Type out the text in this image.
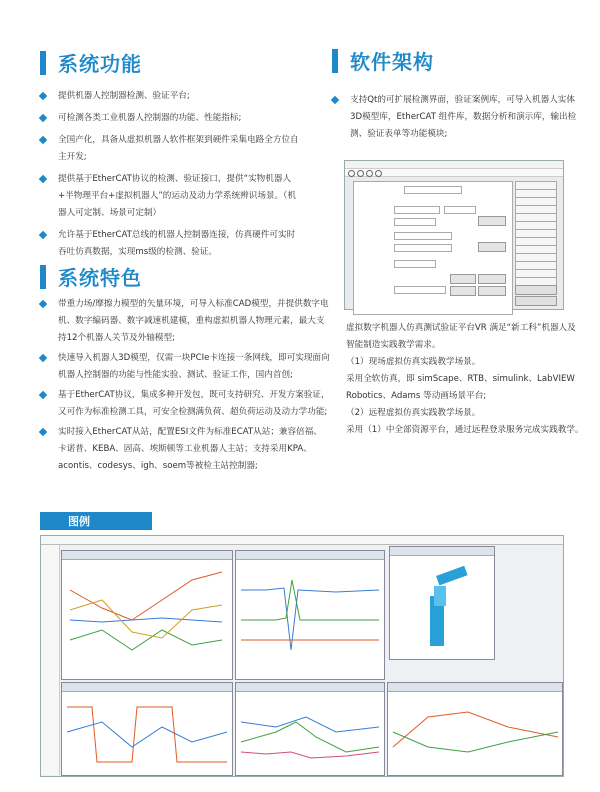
系统功能
提供机器人控制器检测、验证平台;
可检测各类工业机器人控制器的功能、性能指标;
全国产化，具备从虚拟机器人软件框架到硬件采集电路全方位自主开发;
提供基于EtherCAT协议的检测、验证接口，提供“实物机器人+半物理平台+虚拟机器人”的运动及动力学系统辨识场景。（机器人可定制、场景可定制）
允许基于EtherCAT总线的机器人控制器连接，仿真硬件可实时吞吐仿真数据，实现ms级的检测、验证。
系统特色
带重力场/摩擦力模型的矢量环境，可导入标准CAD模型，并提供数字电机、数字编码器、数字减速机建模，重构虚拟机器人物理元素，最大支持12个机器人关节及外轴模型;
快速导入机器人3D模型，仅需一块PCIe卡连接一条网线，即可实现面向机器人控制器的功能与性能实验、测试、验证工作，国内首创;
基于EtherCAT协议，集成多种开发包，既可支持研究、开发方案验证，又可作为标准检测工具，可安全检测满负荷、超负荷运动及动力学功能;
实时接入EtherCAT从站，配置ESI文件为标准ECAT从站；兼容倍福、卡诺普、KEBA、固高、埃斯顿等工业机器人主站；支持采用KPA、acontis、codesys、igh、soem等被检主站控制器;
软件架构
支持Qt的可扩展检测界面，验证案例库，可导入机器人实体3D模型库，EtherCAT 组件库，数据分析和演示库，输出检测、验证表单等功能模块;
虚拟数字机器人仿真测试验证平台VR 满足“新工科”机器人及智能制造实践教学需求。
（1）现场虚拟仿真实践教学场景。
采用全软仿真，即 simScape、RTB、simulink、LabVIEW Robotics、Adams 等动画场景平台;
（2）远程虚拟仿真实践教学场景。
采用（1）中全部资源平台，通过远程登录服务完成实践教学。
图例
